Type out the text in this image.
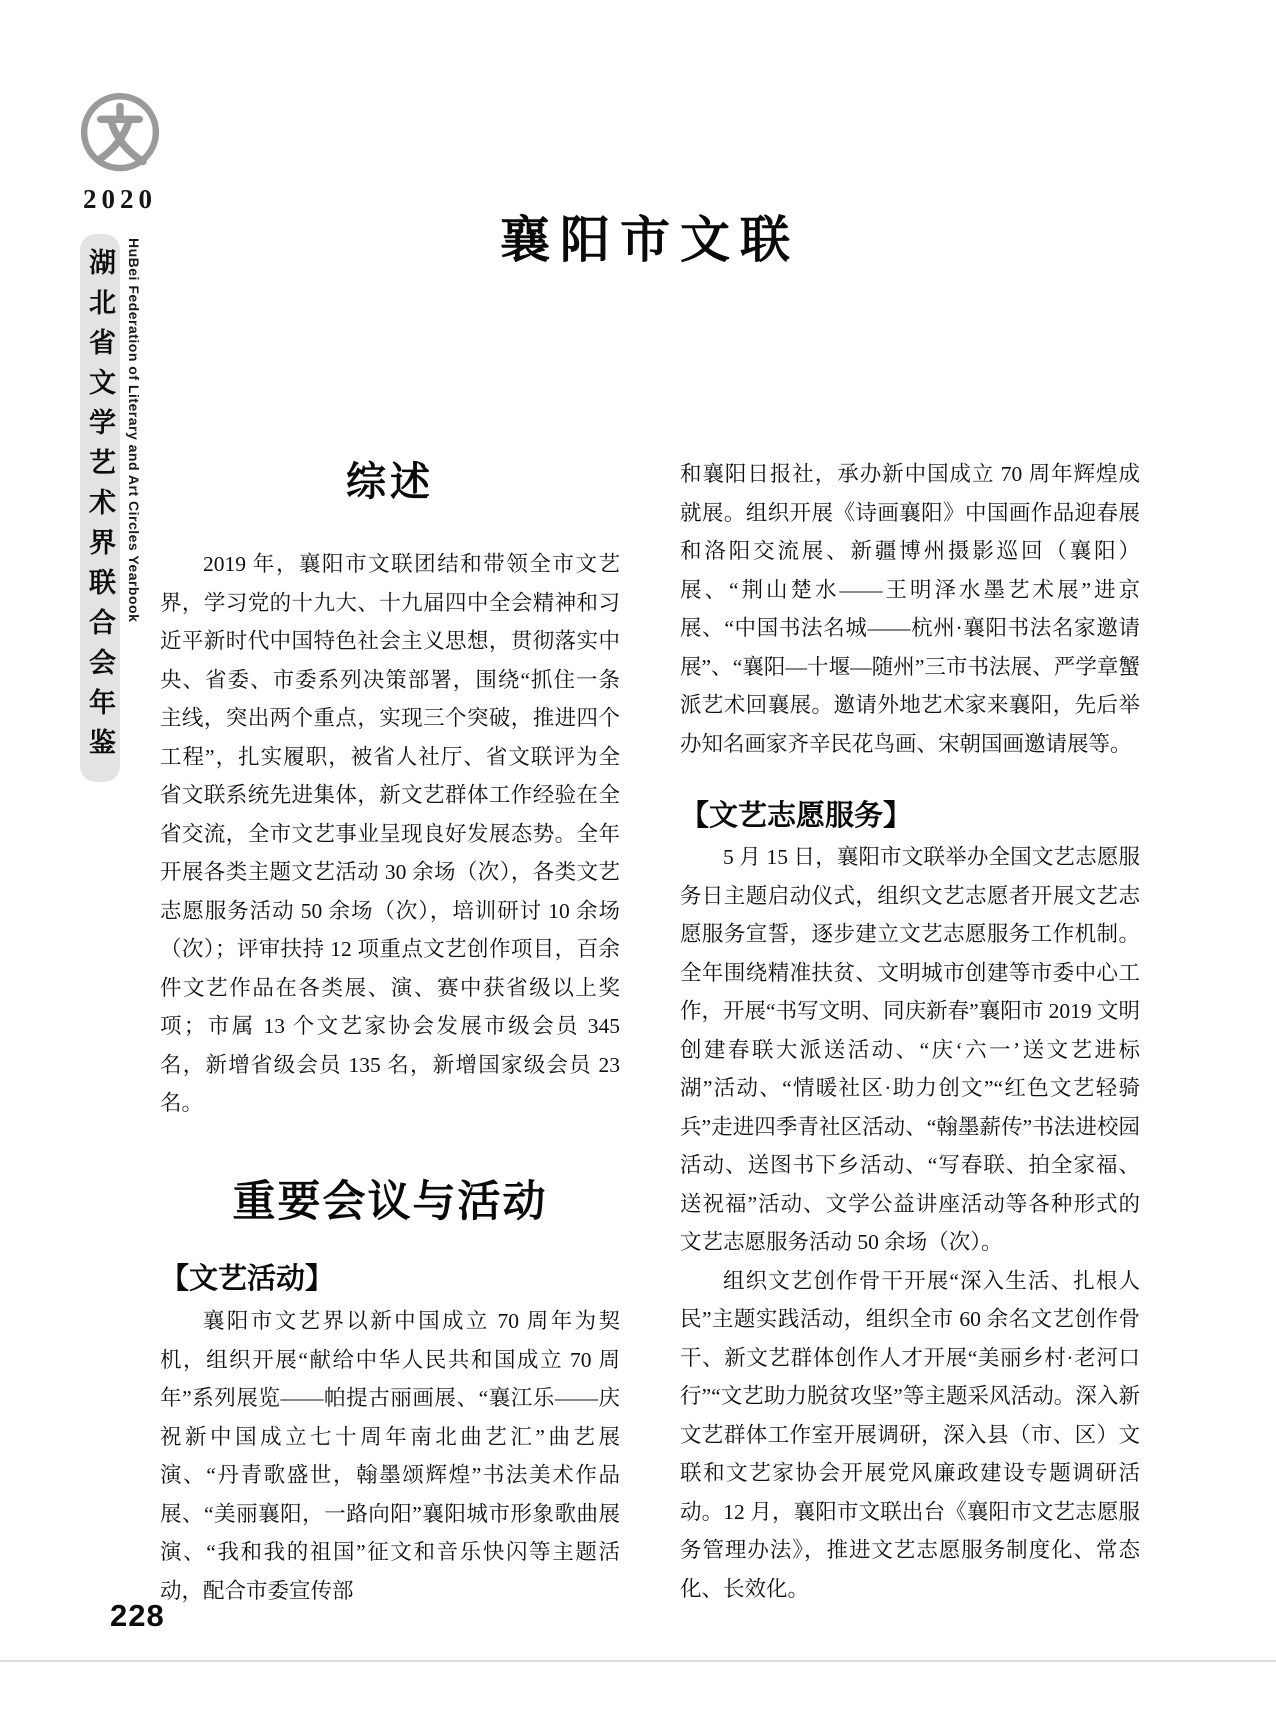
2020
湖北省文学艺术界联合会年鉴 HuBei Federation of Literary and Art Circles Yearbook	襄阳市文联
综述

2019 年，襄阳市文联团结和带领全市文艺界，学习党的十九大、十九届四中全会精神和习近平新时代中国特色社会主义思想，贯彻落实中央、省委、市委系列决策部署，围绕“抓住一条主线，突出两个重点，实现三个突破，推进四个工程”，扎实履职，被省人社厅、省文联评为全省文联系统先进集体，新文艺群体工作经验在全省交流，全市文艺事业呈现良好发展态势。全年开展各类主题文艺活动 30 余场（次），各类文艺志愿服务活动 50 余场（次），培训研讨 10 余场（次）；评审扶持 12 项重点文艺创作项目，百余件文艺作品在各类展、演、赛中获省级以上奖项；市属 13 个文艺家协会发展市级会员 345 名，新增省级会员 135 名，新增国家级会员 23 名。

重要会议与活动
【文艺活动】

襄阳市文艺界以新中国成立 70 周年为契机，组织开展“献给中华人民共和国成立 70 周年”系列展览——帕提古丽画展、“襄江乐——庆祝新中国成立七十周年南北曲艺汇”曲艺展演、“丹青歌盛世，翰墨颂辉煌”书法美术作品展、“美丽襄阳，一路向阳”襄阳城市形象歌曲展演、“我和我的祖国”征文和音乐快闪等主题活动，配合市委宣传部

和襄阳日报社，承办新中国成立 70 周年辉煌成就展。组织开展《诗画襄阳》中国画作品迎春展和洛阳交流展、新疆博州摄影巡回（襄阳）展、“荆山楚水——王明泽水墨艺术展”进京展、“中国书法名城——杭州·襄阳书法名家邀请展”、“襄阳—十堰—随州”三市书法展、严学章蟹派艺术回襄展。邀请外地艺术家来襄阳，先后举办知名画家齐辛民花鸟画、宋朝国画邀请展等。

【文艺志愿服务】

5 月 15 日，襄阳市文联举办全国文艺志愿服务日主题启动仪式，组织文艺志愿者开展文艺志愿服务宣誓，逐步建立文艺志愿服务工作机制。全年围绕精准扶贫、文明城市创建等市委中心工作，开展“书写文明、同庆新春”襄阳市 2019 文明创建春联大派送活动、“庆‘六一’送文艺进标湖”活动、“情暖社区·助力创文”“红色文艺轻骑兵”走进四季青社区活动、“翰墨薪传”书法进校园活动、送图书下乡活动、“写春联、拍全家福、送祝福”活动、文学公益讲座活动等各种形式的文艺志愿服务活动 50 余场（次）。

组织文艺创作骨干开展“深入生活、扎根人民”主题实践活动，组织全市 60 余名文艺创作骨干、新文艺群体创作人才开展“美丽乡村·老河口行”“文艺助力脱贫攻坚”等主题采风活动。深入新文艺群体工作室开展调研，深入县（市、区）文联和文艺家协会开展党风廉政建设专题调研活动。12 月，襄阳市文联出台《襄阳市文艺志愿服务管理办法》，推进文艺志愿服务制度化、常态化、长效化。

228
